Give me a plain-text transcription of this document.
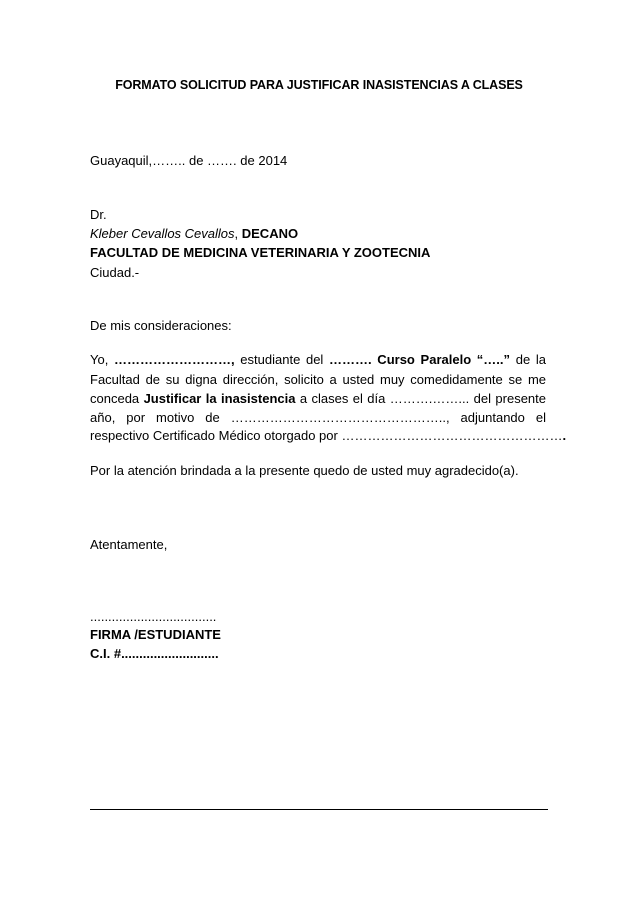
FORMATO SOLICITUD PARA JUSTIFICAR INASISTENCIAS A CLASES
Guayaquil,…….. de ……. de 2014
Dr.
Kleber Cevallos Cevallos, DECANO
FACULTAD DE MEDICINA VETERINARIA Y ZOOTECNIA
Ciudad.-
De mis consideraciones:
Yo, ………………………, estudiante del ………. Curso Paralelo “…..” de la
Facultad de su digna dirección, solicito a usted muy comedidamente se me
conceda Justificar la inasistencia a clases el día ……….……... del presente
año, por motivo de ………………………………………….., adjuntando el
respectivo Certificado Médico otorgado por …………………………………………….
Por la atención brindada a la presente quedo de usted muy agradecido(a).
Atentamente,
...................................
FIRMA /ESTUDIANTE
C.I. #...........................
